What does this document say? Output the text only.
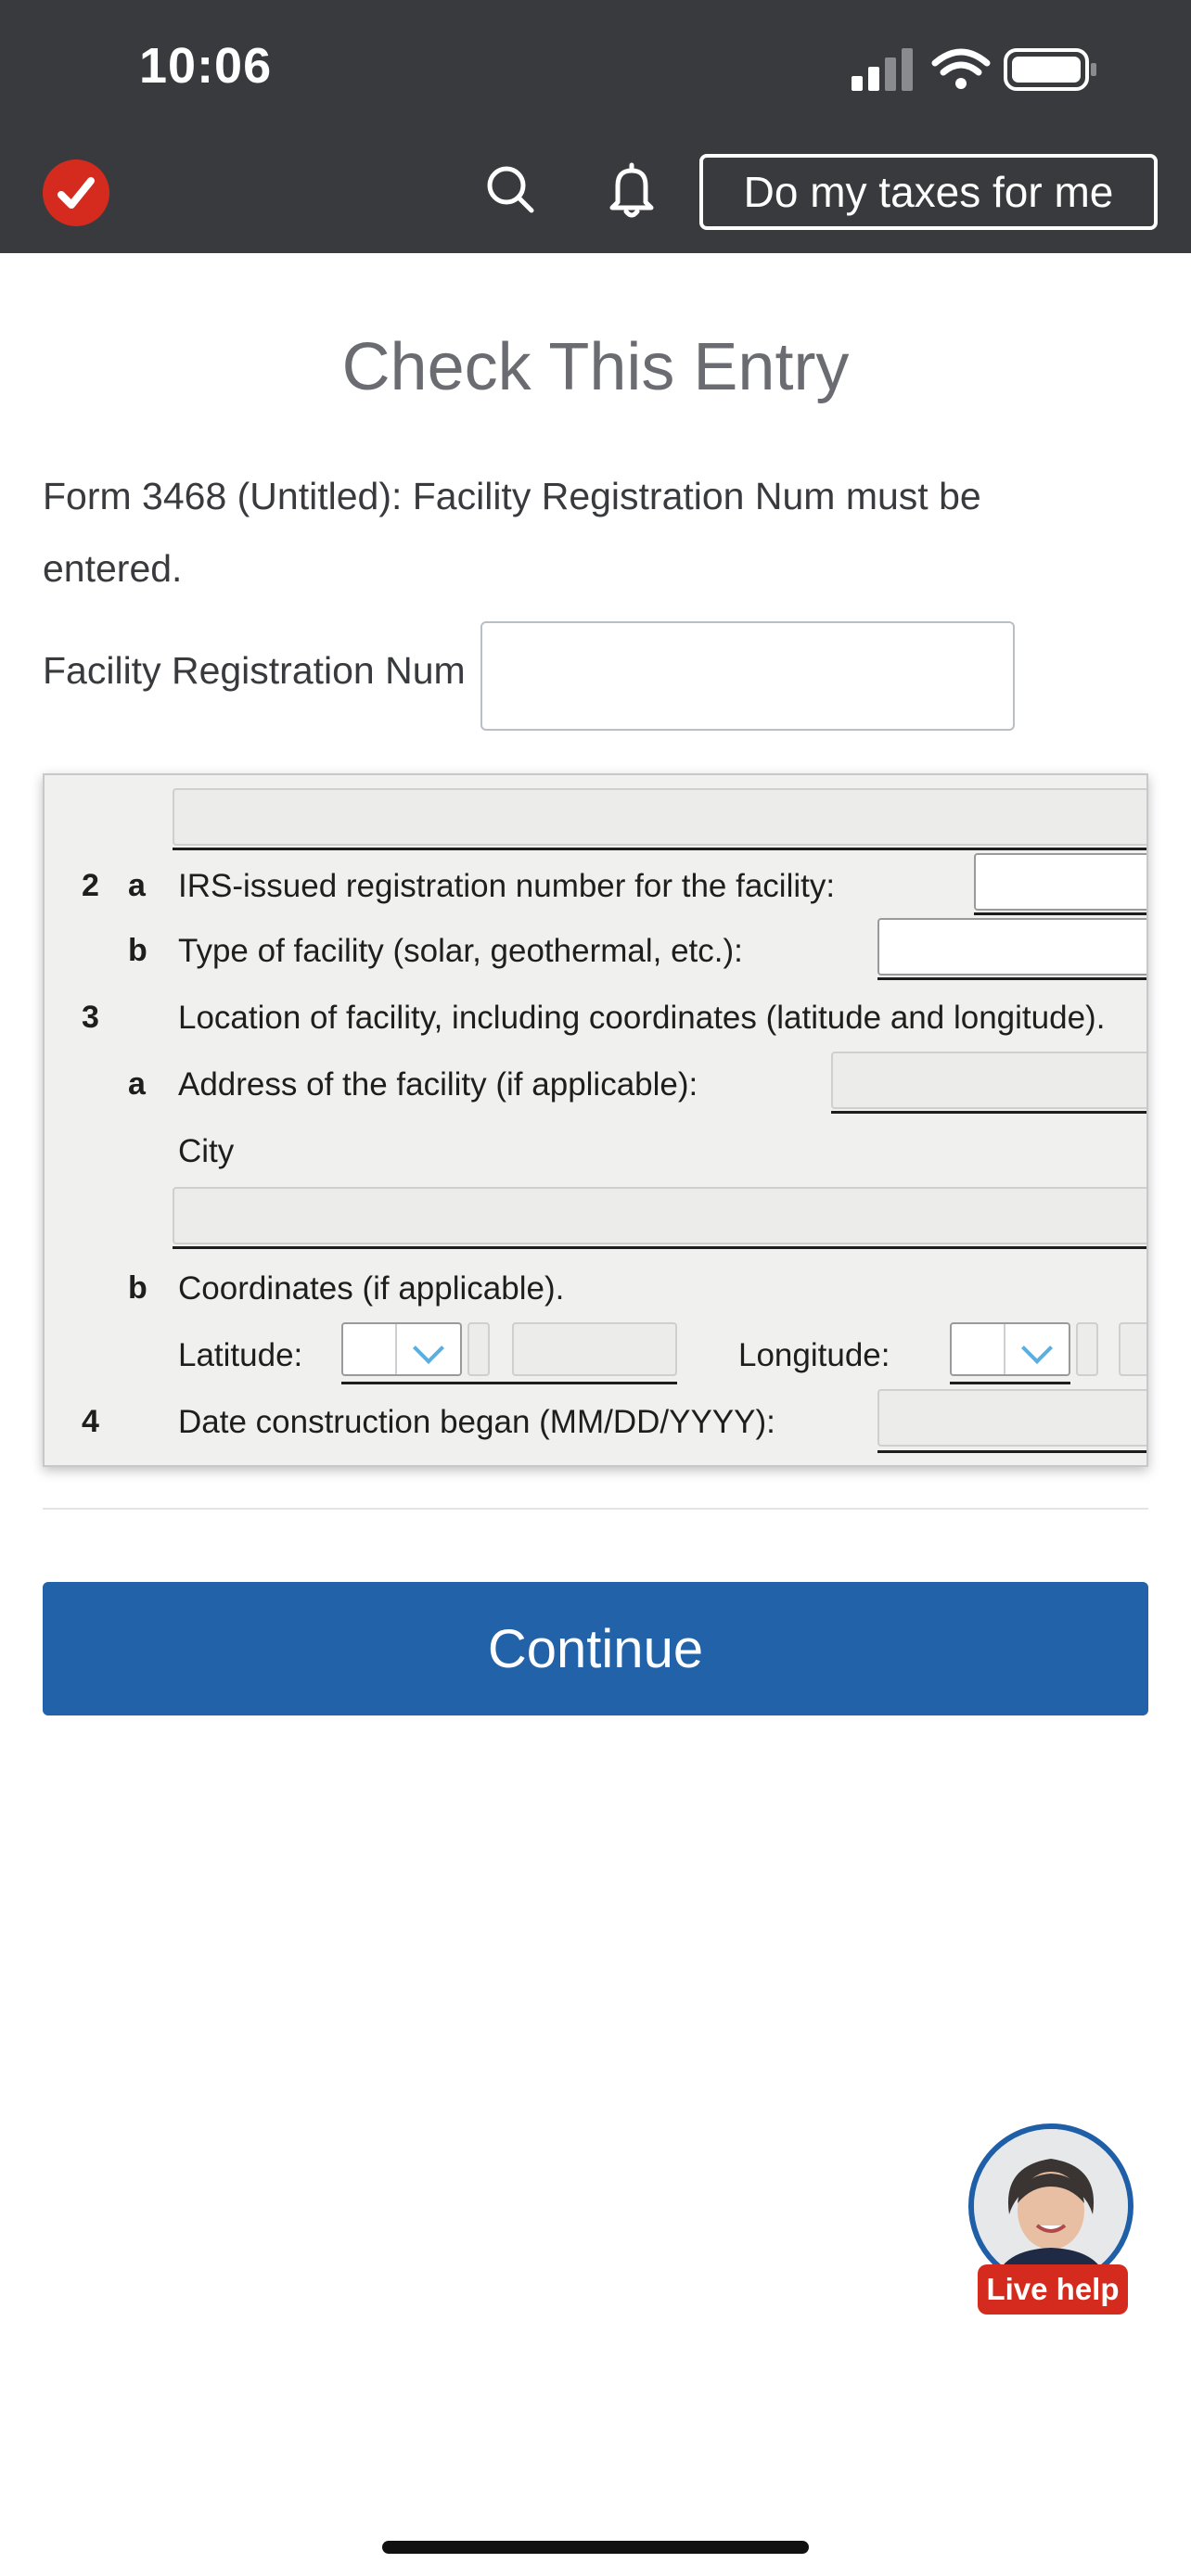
10:06
Do my taxes for me
Check This Entry

Form 3468 (Untitled): Facility Registration Num must be entered.

Facility Registration Num
2 a IRS-issued registration number for the facility:
b Type of facility (solar, geothermal, etc.):
3 Location of facility, including coordinates (latitude and longitude).
a Address of the facility (if applicable):
City
b Coordinates (if applicable).
Latitude:	Longitude:
4 Date construction began (MM/DD/YYYY):
Continue
Live help
